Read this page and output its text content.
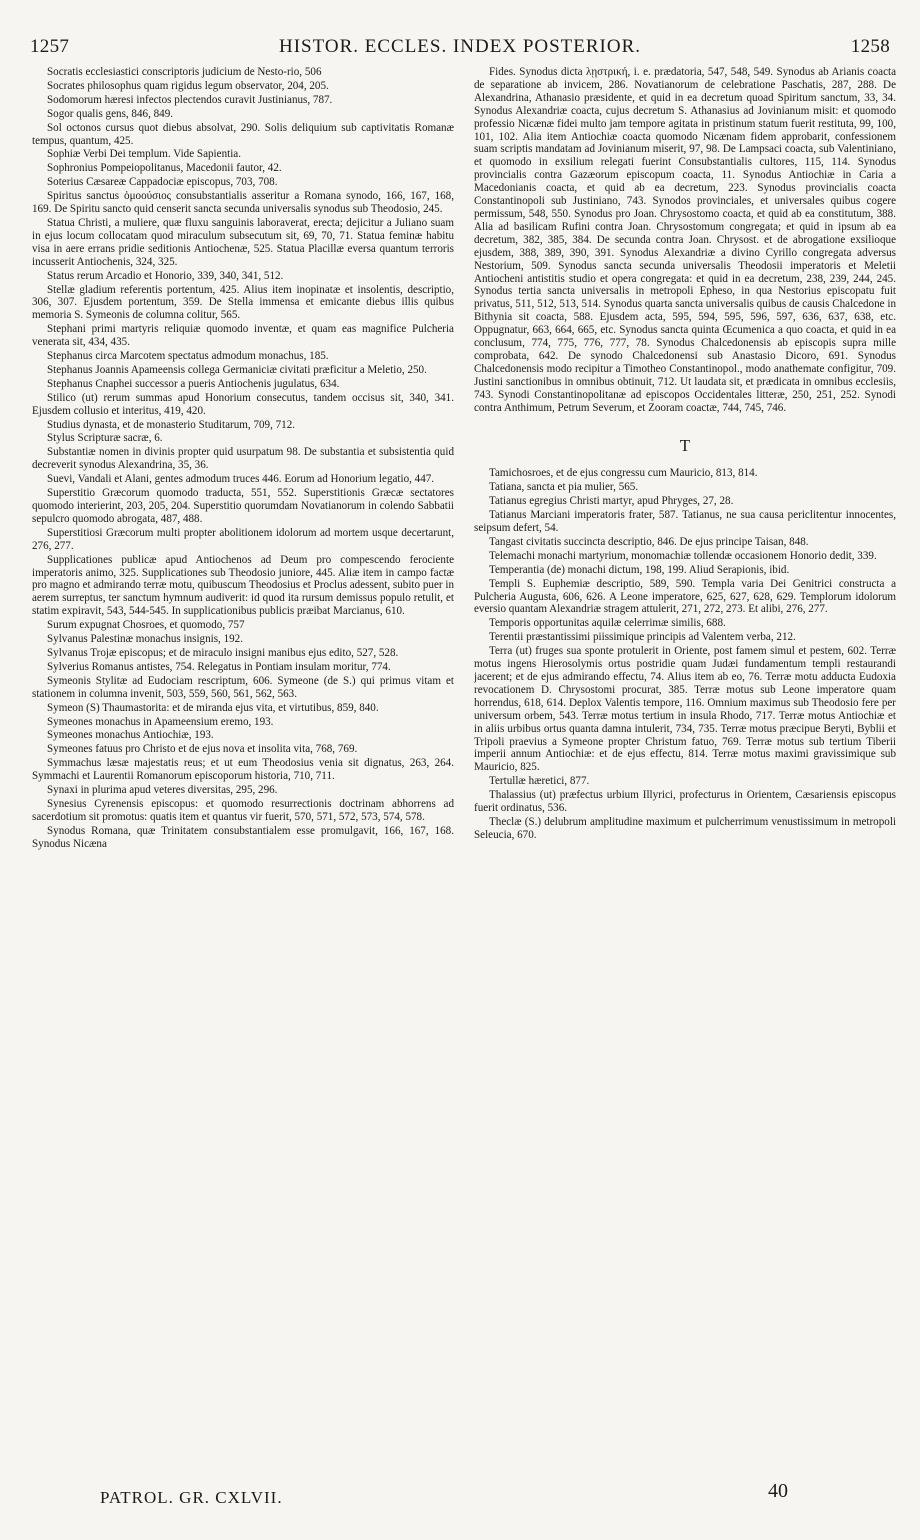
1257	HISTOR. ECCLES. INDEX POSTERIOR.	1258

Socratis ecclesiastici conscriptoris judicium de Nesto-rio, 506

Socrates philosophus quam rigidus legum observator, 204, 205.

Sodomorum hæresi infectos plectendos curavit Justinianus, 787.

Sogor qualis gens, 846, 849.

Sol octonos cursus quot diebus absolvat, 290. Solis deliquium sub captivitatis Romanæ tempus, quantum, 425.

Sophiæ Verbi Dei templum. Vide Sapientia.

Sophronius Pompeiopolitanus, Macedonii fautor, 42.

Soterius Cæsareæ Cappadociæ episcopus, 703, 708.

Spiritus sanctus ὁμοούσιος consubstantialis asseritur a Romana synodo, 166, 167, 168, 169. De Spiritu sancto quid censerit sancta secunda universalis synodus sub Theodosio, 245.

Statua Christi, a muliere, quæ fluxu sanguinis laboraverat, erecta; dejicitur a Juliano suam in ejus locum collocatam quod miraculum subsecutum sit, 69, 70, 71. Statua feminæ habitu visa in aere errans pridie seditionis Antiochenæ, 525. Statua Placillæ eversa quantum terroris incusserit Antiochenis, 324, 325.

Status rerum Arcadio et Honorio, 339, 340, 341, 512.

Stellæ gladium referentis portentum, 425. Alius item inopinatæ et insolentis, descriptio, 306, 307. Ejusdem portentum, 359. De Stella immensa et emicante diebus illis quibus memoria S. Symeonis de columna colitur, 565.

Stephani primi martyris reliquiæ quomodo inventæ, et quam eas magnifice Pulcheria venerata sit, 434, 435.

Stephanus circa Marcotem spectatus admodum monachus, 185.

Stephanus Joannis Apameensis collega Germaniciæ civitati præficitur a Meletio, 250.

Stephanus Cnaphei successor a pueris Antiochenis jugulatus, 634.

Stilico (ut) rerum summas apud Honorium consecutus, tandem occisus sit, 340, 341. Ejusdem collusio et interitus, 419, 420.

Studius dynasta, et de monasterio Studitarum, 709, 712.

Stylus Scripturæ sacræ, 6.

Substantiæ nomen in divinis propter quid usurpatum 98. De substantia et subsistentia quid decreverit synodus Alexandrina, 35, 36.

Suevi, Vandali et Alani, gentes admodum truces 446. Eorum ad Honorium legatio, 447.

Superstitio Græcorum quomodo traducta, 551, 552. Superstitionis Græcæ sectatores quomodo interierint, 203, 205, 204. Superstitio quorumdam Novatianorum in colendo Sabbatii sepulcro quomodo abrogata, 487, 488.

Superstitiosi Græcorum multi propter abolitionem idolorum ad mortem usque decertarunt, 276, 277.

Supplicationes publicæ apud Antiochenos ad Deum pro compescendo ferociente imperatoris animo, 325. Supplicationes sub Theodosio juniore, 445. Aliæ item in campo factæ pro magno et admirando terræ motu, quibuscum Theodosius et Proclus adessent, subito puer in aerem surreptus, ter sanctum hymnum audiverit: id quod ita rursum demissus populo retulit, et statim expiravit, 543, 544-545. In supplicationibus publicis præibat Marcianus, 610.

Surum expugnat Chosroes, et quomodo, 757

Sylvanus Palestinæ monachus insignis, 192.

Sylvanus Trojæ episcopus; et de miraculo insigni manibus ejus edito, 527, 528.

Sylverius Romanus antistes, 754. Relegatus in Pontiam insulam moritur, 774.

Symeonis Stylitæ ad Eudociam rescriptum, 606. Symeone (de S.) qui primus vitam et stationem in columna invenit, 503, 559, 560, 561, 562, 563.

Symeon (S) Thaumastorita: et de miranda ejus vita, et virtutibus, 859, 840.

Symeones monachus in Apameensium eremo, 193.

Symeones monachus Antiochiæ, 193.

Symeones fatuus pro Christo et de ejus nova et insolita vita, 768, 769.

Symmachus læsæ majestatis reus; et ut eum Theodosius venia sit dignatus, 263, 264. Symmachi et Laurentii Romanorum episcoporum historia, 710, 711.

Synaxi in plurima apud veteres diversitas, 295, 296.

Synesius Cyrenensis episcopus: et quomodo resurrectionis doctrinam abhorrens ad sacerdotium sit promotus: quatis item et quantus vir fuerit, 570, 571, 572, 573, 574, 578.

Synodus Romana, quæ Trinitatem consubstantialem esse promulgavit, 166, 167, 168. Synodus Nicæna

Fides. Synodus dicta λῃστρική, i. e. prædatoria, 547, 548, 549. Synodus ab Arianis coacta de separatione ab invicem, 286. Novatianorum de celebratione Paschatis, 287, 288. De Alexandrina, Athanasio præsidente, et quid in ea decretum quoad Spiritum sanctum, 33, 34. Synodus Alexandriæ coacta, cujus decretum S. Athanasius ad Jovinianum misit: et quomodo professio Nicænæ fidei multo jam tempore agitata in pristinum statum fuerit restituta, 99, 100, 101, 102. Alia item Antiochiæ coacta quomodo Nicænam fidem approbarit, confessionem suam scriptis mandatam ad Jovinianum miserit, 97, 98. De Lampsaci coacta, sub Valentiniano, et quomodo in exsilium relegati fuerint Consubstantialis cultores, 115, 114. Synodus provincialis contra Gazæorum episcopum coacta, 11. Synodus Antiochiæ in Caria a Macedonianis coacta, et quid ab ea decretum, 223. Synodus provincialis coacta Constantinopoli sub Justiniano, 743. Synodos provinciales, et universales quibus cogere permissum, 548, 550. Synodus pro Joan. Chrysostomo coacta, et quid ab ea constitutum, 388. Alia ad basilicam Rufini contra Joan. Chrysostomum congregata; et quid in ipsum ab ea decretum, 382, 385, 384. De secunda contra Joan. Chrysost. et de abrogatione exsilioque ejusdem, 388, 389, 390, 391. Synodus Alexandriæ a divino Cyrillo congregata adversus Nestorium, 509. Synodus sancta secunda universalis Theodosii imperatoris et Meletii Antiocheni antistitis studio et opera congregata: et quid in ea decretum, 238, 239, 244, 245. Synodus tertia sancta universalis in metropoli Epheso, in qua Nestorius episcopatu fuit privatus, 511, 512, 513, 514. Synodus quarta sancta universalis quibus de causis Chalcedone in Bithynia sit coacta, 588. Ejusdem acta, 595, 594, 595, 596, 597, 636, 637, 638, etc. Oppugnatur, 663, 664, 665, etc. Synodus sancta quinta Œcumenica a quo coacta, et quid in ea conclusum, 774, 775, 776, 777, 78. Synodus Chalcedonensis ab episcopis supra mille comprobata, 642. De synodo Chalcedonensi sub Anastasio Dicoro, 691. Synodus Chalcedonensis modo recipitur a Timotheo Constantinopol., modo anathemate configitur, 709. Justini sanctionibus in omnibus obtinuit, 712. Ut laudata sit, et prædicata in omnibus ecclesiis, 743. Synodi Constantinopolitanæ ad episcopos Occidentales litteræ, 250, 251, 252. Synodi contra Anthimum, Petrum Severum, et Zooram coactæ, 744, 745, 746.

T

Tamichosroes, et de ejus congressu cum Mauricio, 813, 814.

Tatiana, sancta et pia mulier, 565.

Tatianus egregius Christi martyr, apud Phryges, 27, 28.

Tatianus Marciani imperatoris frater, 587. Tatianus, ne sua causa periclitentur innocentes, seipsum defert, 54.

Tangast civitatis succincta descriptio, 846. De ejus principe Taisan, 848.

Telemachi monachi martyrium, monomachiæ tollendæ occasionem Honorio dedit, 339.

Temperantia (de) monachi dictum, 198, 199. Aliud Serapionis, ibid.

Templi S. Euphemiæ descriptio, 589, 590. Templa varia Dei Genitrici constructa a Pulcheria Augusta, 606, 626. A Leone imperatore, 625, 627, 628, 629. Templorum idolorum eversio quantam Alexandriæ stragem attulerit, 271, 272, 273. Et alibi, 276, 277.

Temporis opportunitas aquilæ celerrimæ similis, 688.

Terentii præstantissimi piissimique principis ad Valentem verba, 212.

Terra (ut) fruges sua sponte protulerit in Oriente, post famem simul et pestem, 602. Terræ motus ingens Hierosolymis ortus postridie quam Judæi fundamentum templi restaurandi jacerent; et de ejus admirando effectu, 74. Alius item ab eo, 76. Terræ motu adducta Eudoxia revocationem D. Chrysostomi procurat, 385. Terræ motus sub Leone imperatore quam horrendus, 618, 614. Deplox Valentis tempore, 116. Omnium maximus sub Theodosio fere per universum orbem, 543. Terræ motus tertium in insula Rhodo, 717. Terræ motus Antiochiæ et in aliis urbibus ortus quanta damna intulerit, 734, 735. Terræ motus præcipue Beryti, Byblii et Tripoli praevius a Symeone propter Christum fatuo, 769. Terræ motus sub tertium Tiberii imperii annum Antiochiæ: et de ejus effectu, 814. Terræ motus maximi gravissimique sub Mauricio, 825.

Tertullæ hæretici, 877.

Thalassius (ut) præfectus urbium Illyrici, profecturus in Orientem, Cæsariensis episcopus fuerit ordinatus, 536.

Theclæ (S.) delubrum amplitudine maximum et pulcherrimum venustissimum in metropoli Seleucia, 670.

PATROL. GR. CXLVII.	40
